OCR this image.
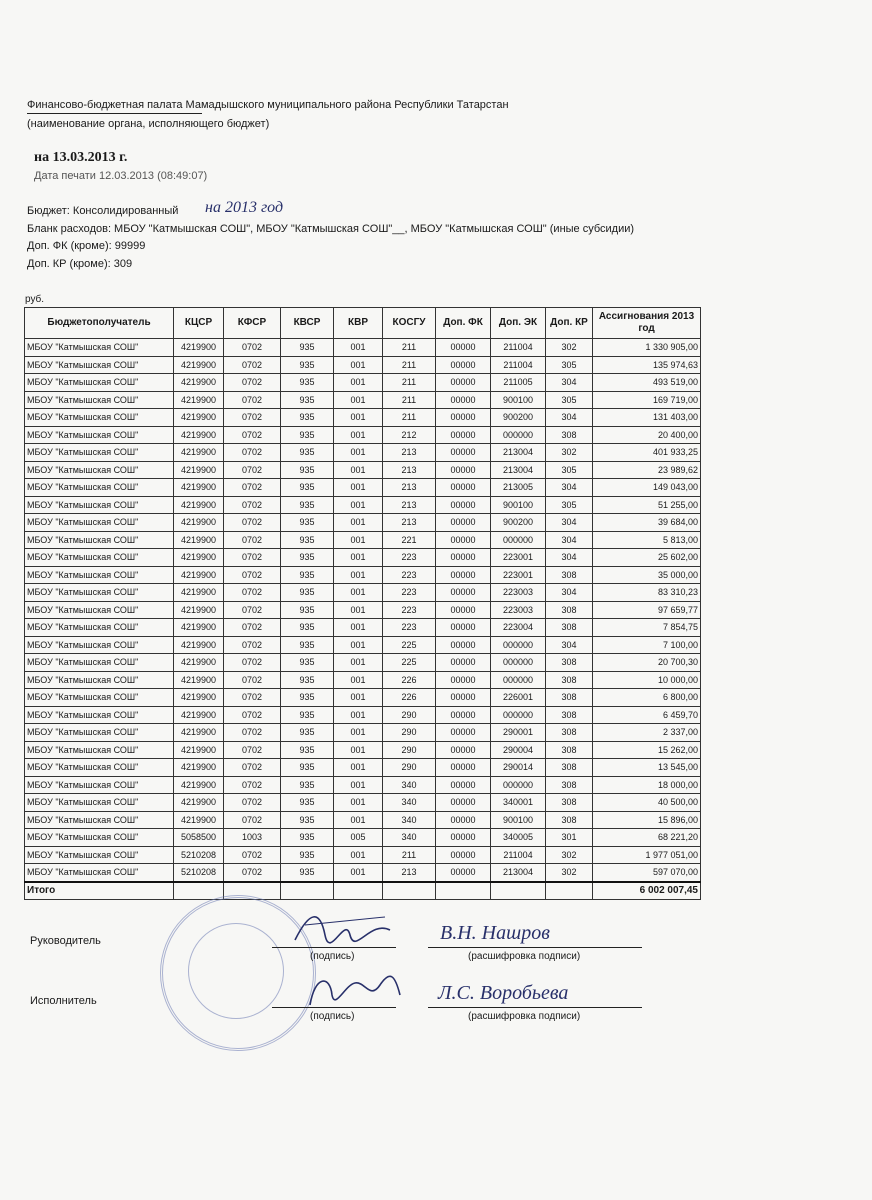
Финансово-бюджетная палата Мамадышского муниципального района Республики Татарстан
(наименование органа, исполняющего бюджет)
на 13.03.2013 г.
Дата печати 12.03.2013 (08:49:07)
Бюджет: Консолидированный на 2013 год
Бланк расходов: МБОУ "Катмышская СОШ", МБОУ "Катмышская СОШ"__, МБОУ "Катмышская СОШ" (иные субсидии)
Доп. ФК (кроме): 99999
Доп. КР (кроме): 309
руб.
Бюджетополучатель	КЦСР	КФСР	КВСР	КВР	КОСГУ	Доп. ФК	Доп. ЭК	Доп. КР	Ассигнования 2013 год
МБОУ "Катмышская СОШ"	4219900	0702	935	001	211	00000	211004	302	1 330 905,00
МБОУ "Катмышская СОШ"	4219900	0702	935	001	211	00000	211004	305	135 974,63
МБОУ "Катмышская СОШ"	4219900	0702	935	001	211	00000	211005	304	493 519,00
МБОУ "Катмышская СОШ"	4219900	0702	935	001	211	00000	900100	305	169 719,00
МБОУ "Катмышская СОШ"	4219900	0702	935	001	211	00000	900200	304	131 403,00
МБОУ "Катмышская СОШ"	4219900	0702	935	001	212	00000	000000	308	20 400,00
МБОУ "Катмышская СОШ"	4219900	0702	935	001	213	00000	213004	302	401 933,25
МБОУ "Катмышская СОШ"	4219900	0702	935	001	213	00000	213004	305	23 989,62
МБОУ "Катмышская СОШ"	4219900	0702	935	001	213	00000	213005	304	149 043,00
МБОУ "Катмышская СОШ"	4219900	0702	935	001	213	00000	900100	305	51 255,00
МБОУ "Катмышская СОШ"	4219900	0702	935	001	213	00000	900200	304	39 684,00
МБОУ "Катмышская СОШ"	4219900	0702	935	001	221	00000	000000	304	5 813,00
МБОУ "Катмышская СОШ"	4219900	0702	935	001	223	00000	223001	304	25 602,00
МБОУ "Катмышская СОШ"	4219900	0702	935	001	223	00000	223001	308	35 000,00
МБОУ "Катмышская СОШ"	4219900	0702	935	001	223	00000	223003	304	83 310,23
МБОУ "Катмышская СОШ"	4219900	0702	935	001	223	00000	223003	308	97 659,77
МБОУ "Катмышская СОШ"	4219900	0702	935	001	223	00000	223004	308	7 854,75
МБОУ "Катмышская СОШ"	4219900	0702	935	001	225	00000	000000	304	7 100,00
МБОУ "Катмышская СОШ"	4219900	0702	935	001	225	00000	000000	308	20 700,30
МБОУ "Катмышская СОШ"	4219900	0702	935	001	226	00000	000000	308	10 000,00
МБОУ "Катмышская СОШ"	4219900	0702	935	001	226	00000	226001	308	6 800,00
МБОУ "Катмышская СОШ"	4219900	0702	935	001	290	00000	000000	308	6 459,70
МБОУ "Катмышская СОШ"	4219900	0702	935	001	290	00000	290001	308	2 337,00
МБОУ "Катмышская СОШ"	4219900	0702	935	001	290	00000	290004	308	15 262,00
МБОУ "Катмышская СОШ"	4219900	0702	935	001	290	00000	290014	308	13 545,00
МБОУ "Катмышская СОШ"	4219900	0702	935	001	340	00000	000000	308	18 000,00
МБОУ "Катмышская СОШ"	4219900	0702	935	001	340	00000	340001	308	40 500,00
МБОУ "Катмышская СОШ"	4219900	0702	935	001	340	00000	900100	308	15 896,00
МБОУ "Катмышская СОШ"	5058500	1003	935	005	340	00000	340005	301	68 221,20
МБОУ "Катмышская СОШ"	5210208	0702	935	001	211	00000	211004	302	1 977 051,00
МБОУ "Катмышская СОШ"	5210208	0702	935	001	213	00000	213004	302	597 070,00
Итого									6 002 007,45
Руководитель
(подпись)	(расшифровка подписи)
В.Н. Нашров
Исполнитель
(подпись)	(расшифровка подписи)
Л.С. Воробьева
